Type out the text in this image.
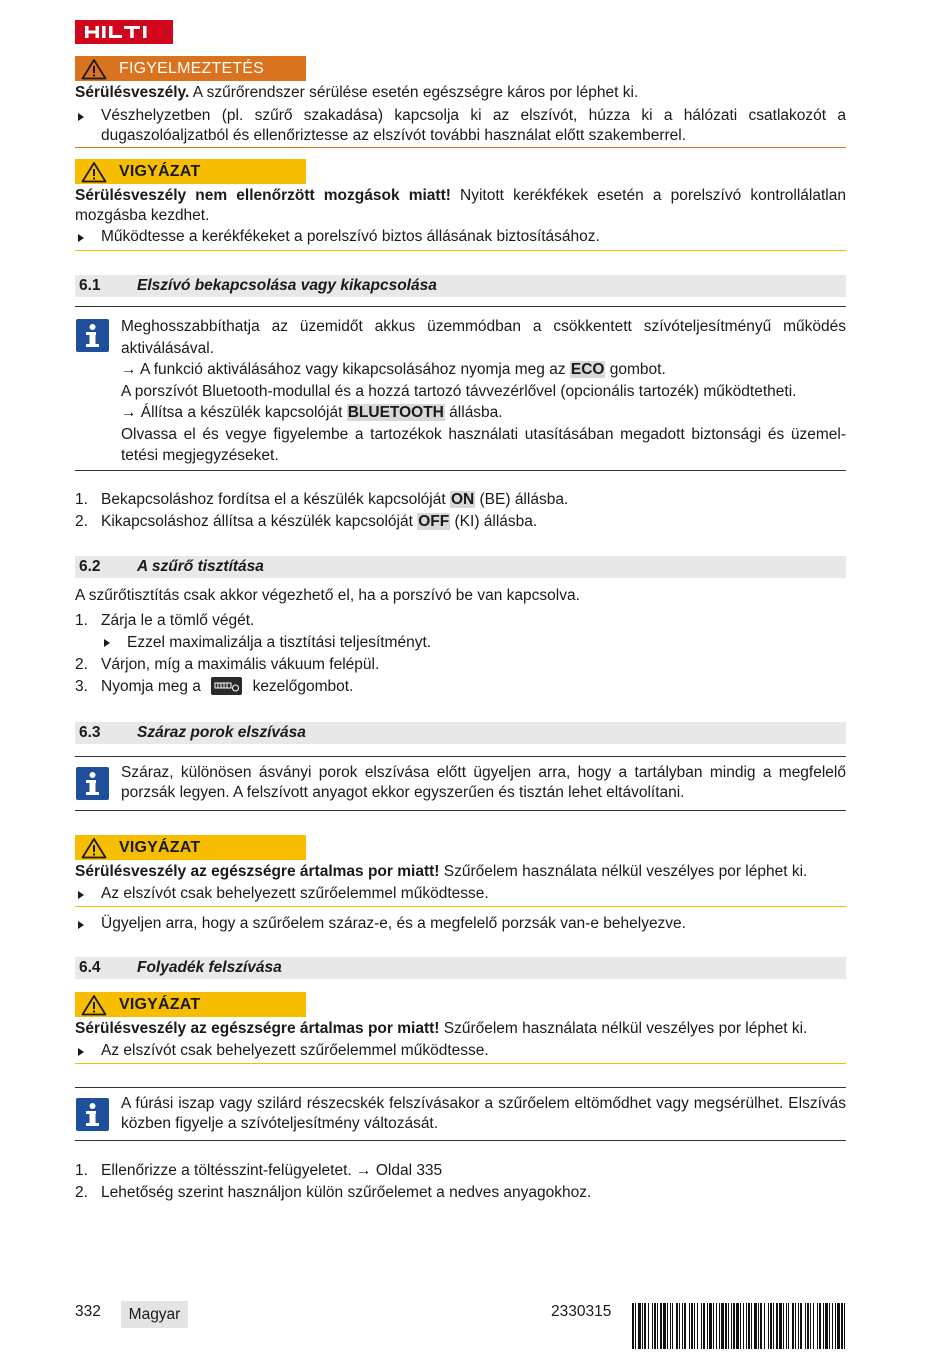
FIGYELMEZTETÉS
Sérülésveszély. A szűrőrendszer sérülése esetén egészségre káros por léphet ki.
Vészhelyzetben (pl. szűrő szakadása) kapcsolja ki az elszívót, húzza ki a hálózati csatlakozót a dugaszolóaljzatból és ellenőriztesse az elszívót további használat előtt szakemberrel.
VIGYÁZAT
Sérülésveszély nem ellenőrzött mozgások miatt! Nyitott kerékfékek esetén a porelszívó kontrollálatlan mozgásba kezdhet.
Működtesse a kerékfékeket a porelszívó biztos állásának biztosításához.
6.1	Elszívó bekapcsolása vagy kikapcsolása
Meghosszabbíthatja az üzemidőt akkus üzemmódban a csökkentett szívóteljesítményű működés aktiválásával.
→ A funkció aktiválásához vagy kikapcsolásához nyomja meg az ECO gombot.
A porszívót Bluetooth-modullal és a hozzá tartozó távvezérlővel (opcionális tartozék) működtetheti.
→ Állítsa a készülék kapcsolóját BLUETOOTH állásba.
Olvassa el és vegye figyelembe a tartozékok használati utasításában megadott biztonsági és üzemel-tetési megjegyzéseket.
1. Bekapcsoláshoz fordítsa el a készülék kapcsolóját ON (BE) állásba.
2. Kikapcsoláshoz állítsa a készülék kapcsolóját OFF (KI) állásba.
6.2	A szűrő tisztítása
A szűrőtisztítás csak akkor végezhető el, ha a porszívó be van kapcsolva.
1. Zárja le a tömlő végét.
Ezzel maximalizálja a tisztítási teljesítményt.
2. Várjon, míg a maximális vákuum felépül.
3. Nyomja meg a	kezelőgombot.
6.3	Száraz porok elszívása
Száraz, különösen ásványi porok elszívása előtt ügyeljen arra, hogy a tartályban mindig a megfelelő porzsák legyen. A felszívott anyagot ekkor egyszerűen és tisztán lehet eltávolítani.
VIGYÁZAT
Sérülésveszély az egészségre ártalmas por miatt! Szűrőelem használata nélkül veszélyes por léphet ki.
Az elszívót csak behelyezett szűrőelemmel működtesse.
Ügyeljen arra, hogy a szűrőelem száraz-e, és a megfelelő porzsák van-e behelyezve.
6.4	Folyadék felszívása
VIGYÁZAT
Sérülésveszély az egészségre ártalmas por miatt! Szűrőelem használata nélkül veszélyes por léphet ki.
Az elszívót csak behelyezett szűrőelemmel működtesse.
A fúrási iszap vagy szilárd részecskék felszívásakor a szűrőelem eltömődhet vagy megsérülhet. Elszívás közben figyelje a szívóteljesítmény változását.
1. Ellenőrizze a töltésszint-felügyeletet. → Oldal 335
2. Lehetőség szerint használjon külön szűrőelemet a nedves anyagokhoz.
332 Magyar	2330315
